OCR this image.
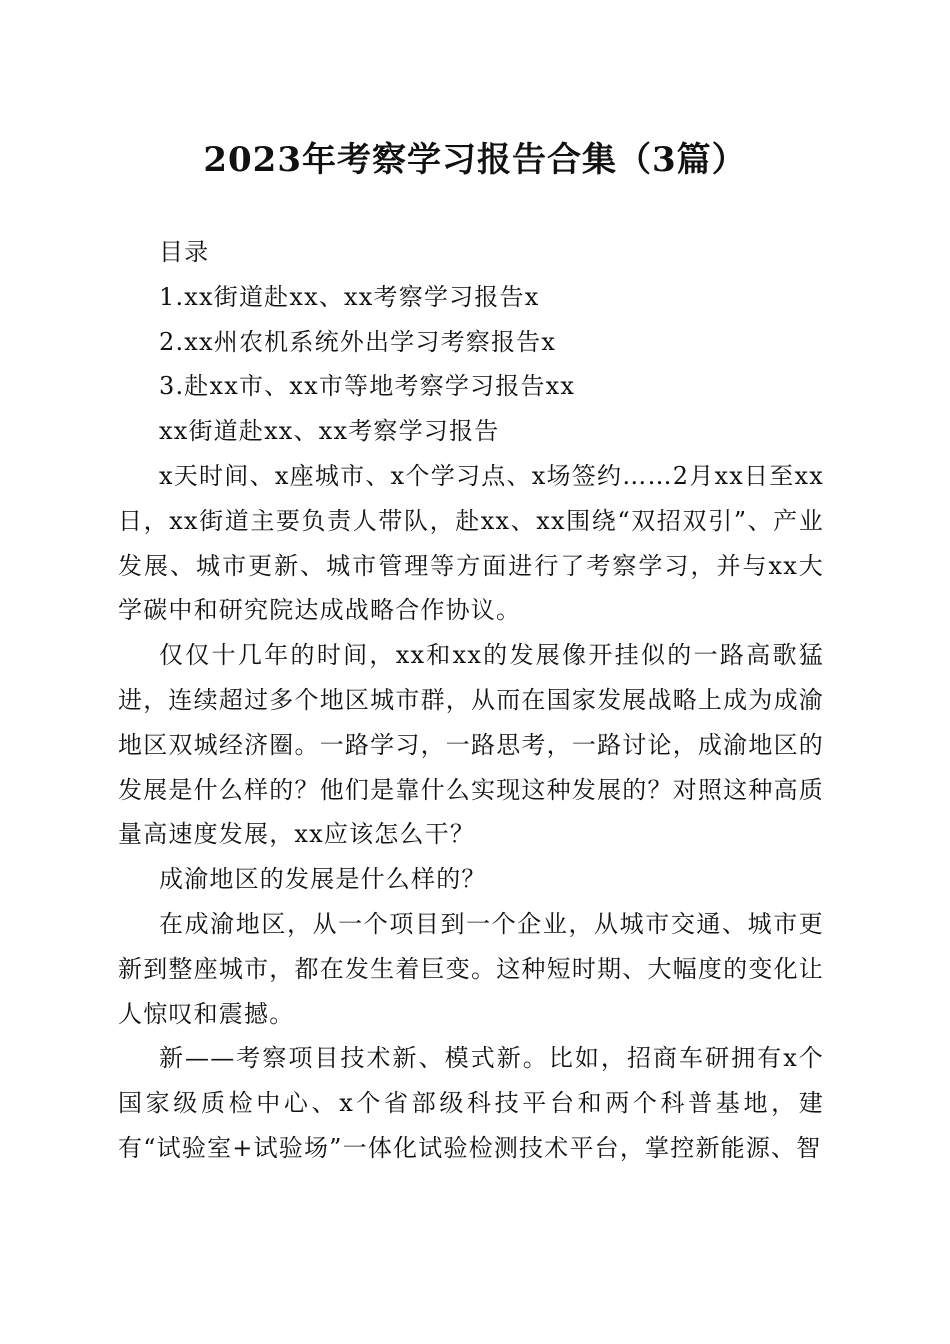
2023年考察学习报告合集（3篇）

目录

1.xx街道赴xx、xx考察学习报告x

2.xx州农机系统外出学习考察报告x

3.赴xx市、xx市等地考察学习报告xx

xx街道赴xx、xx考察学习报告

x天时间、x座城市、x个学习点、x场签约……2月xx日至xx日，xx街道主要负责人带队，赴xx、xx围绕“双招双引”、产业发展、城市更新、城市管理等方面进行了考察学习，并与xx大学碳中和研究院达成战略合作协议。

仅仅十几年的时间，xx和xx的发展像开挂似的一路高歌猛进，连续超过多个地区城市群，从而在国家发展战略上成为成渝地区双城经济圈。一路学习，一路思考，一路讨论，成渝地区的发展是什么样的？他们是靠什么实现这种发展的？对照这种高质量高速度发展，xx应该怎么干？

成渝地区的发展是什么样的？

在成渝地区，从一个项目到一个企业，从城市交通、城市更新到整座城市，都在发生着巨变。这种短时期、大幅度的变化让人惊叹和震撼。

新——考察项目技术新、模式新。比如，招商车研拥有x个国家级质检中心、x个省部级科技平台和两个科普基地，建有“试验室+试验场”一体化试验检测技术平台，掌控新能源、智
